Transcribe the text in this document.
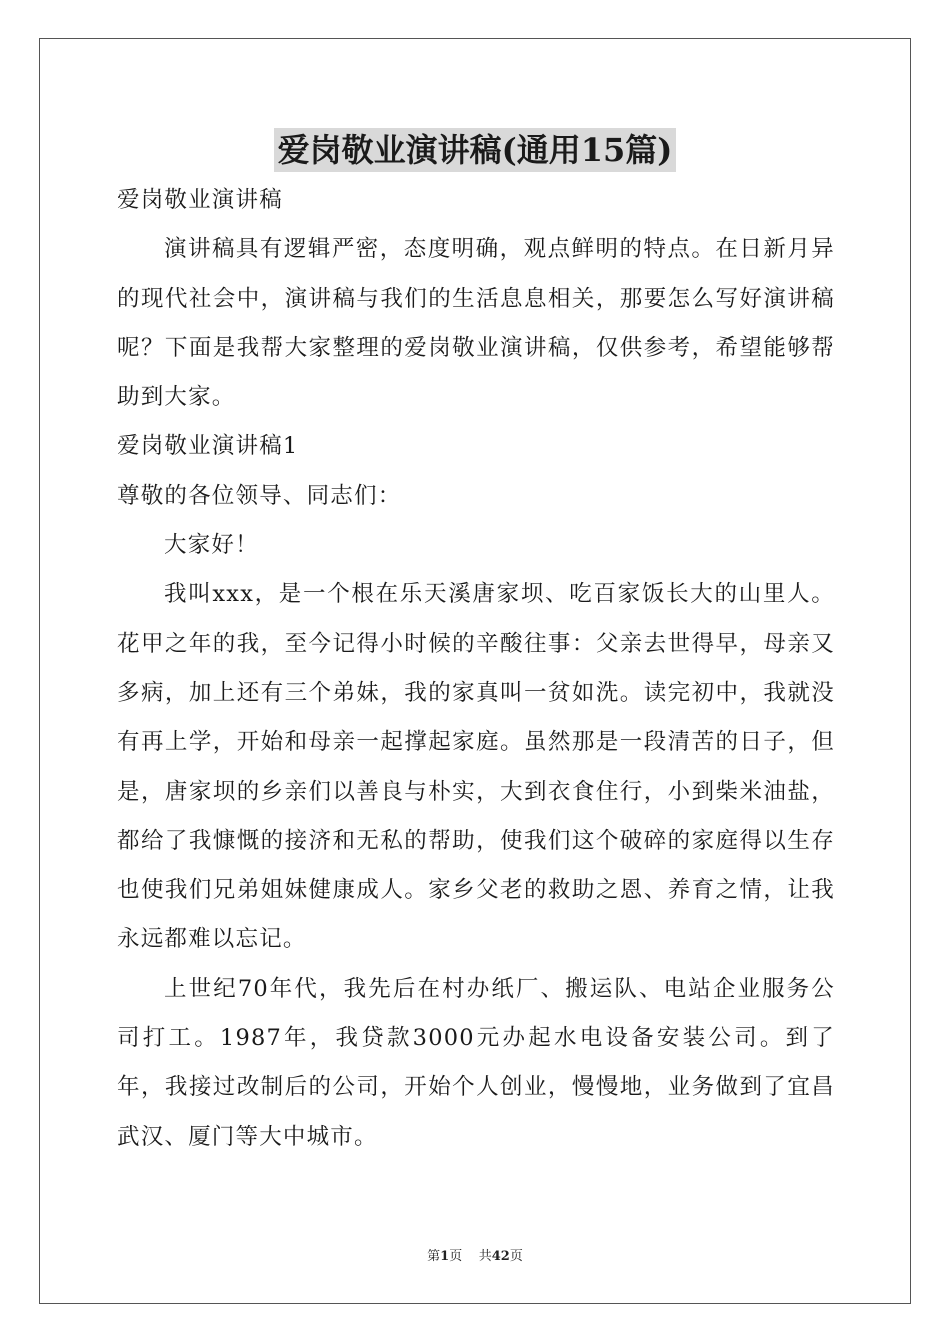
爱岗敬业演讲稿(通用15篇)
爱岗敬业演讲稿
演讲稿具有逻辑严密，态度明确，观点鲜明的特点。在日新月异
的现代社会中，演讲稿与我们的生活息息相关，那要怎么写好演讲稿
呢？下面是我帮大家整理的爱岗敬业演讲稿，仅供参考，希望能够帮
助到大家。
爱岗敬业演讲稿1
尊敬的各位领导、同志们：
大家好！
我叫xxx，是一个根在乐天溪唐家坝、吃百家饭长大的山里人。
花甲之年的我，至今记得小时候的辛酸往事：父亲去世得早，母亲又
多病，加上还有三个弟妹，我的家真叫一贫如洗。读完初中，我就没
有再上学，开始和母亲一起撑起家庭。虽然那是一段清苦的日子，但
是，唐家坝的乡亲们以善良与朴实，大到衣食住行，小到柴米油盐，
都给了我慷慨的接济和无私的帮助，使我们这个破碎的家庭得以生存
也使我们兄弟姐妹健康成人。家乡父老的救助之恩、养育之情，让我
永远都难以忘记。
上世纪70年代，我先后在村办纸厂、搬运队、电站企业服务公
司打工。1987年，我贷款3000元办起水电设备安装公司。到了
年，我接过改制后的公司，开始个人创业，慢慢地，业务做到了宜昌
武汉、厦门等大中城市。
第1页 共42页
